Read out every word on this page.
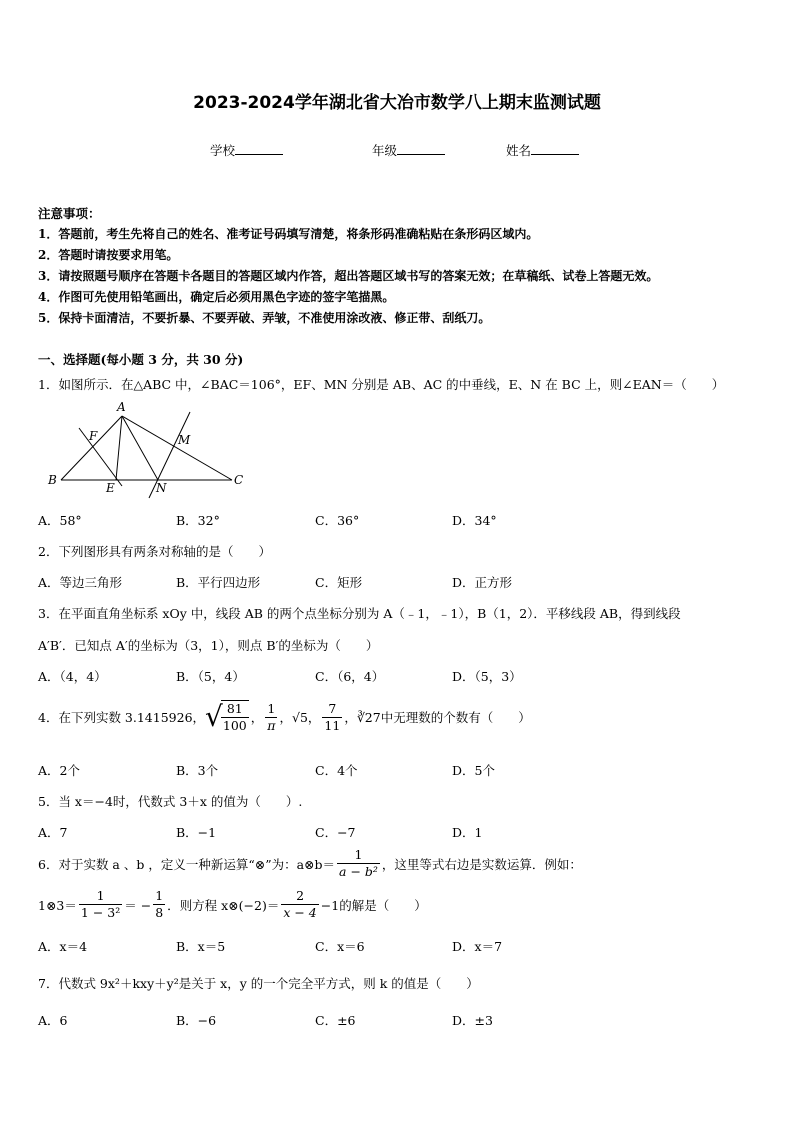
2023-2024学年湖北省大冶市数学八上期末监测试题
学校	年级	姓名
注意事项：
1．答题前，考生先将自己的姓名、准考证号码填写清楚，将条形码准确粘贴在条形码区域内。
2．答题时请按要求用笔。
3．请按照题号顺序在答题卡各题目的答题区域内作答，超出答题区域书写的答案无效；在草稿纸、试卷上答题无效。
4．作图可先使用铅笔画出，确定后必须用黑色字迹的签字笔描黑。
5．保持卡面清洁，不要折暴、不要弄破、弄皱，不准使用涂改液、修正带、刮纸刀。
一、选择题(每小题 3 分，共 30 分)
1．如图所示．在△ABC 中，∠BAC＝106°，EF、MN 分别是 AB、AC 的中垂线，E、N 在 BC 上，则∠EAN＝（　　）
A
B	C
E
F	M
N
A．58°	B．32°	C．36°	D．34°
2．下列图形具有两条对称轴的是（　　）
A．等边三角形	B．平行四边形	C．矩形	D．正方形
3．在平面直角坐标系 xOy 中，线段 AB 的两个点坐标分别为 A（﹣1，﹣1），B（1，2）．平移线段 AB，得到线段
A′B′．已知点 A′的坐标为（3，1），则点 B′的坐标为（　　）
A．（4，4）	B．（5，4）	C．（6，4）	D．（5，3）
4．在下列实数 3.1415926， √
$\frac{81}{100}$ ， $\frac{1}{\pi}$ ， √5 ， $\frac{7}{11}$ ， ∛27 中无理数的个数有（　　）
A．2个	B．3个	C．4个	D．5个
5．当 x＝−4时，代数式 3＋x 的值为（　　）.
A．7	B．−1	C．−7	D．1
6．对于实数 a 、b ，定义一种新运算“⊗”为：a⊗b＝ $\frac{1}{\text{a − b²}}$ ，这里等式右边是实数运算．例如：
1⊗3＝ $\frac{1}{\text{1 − 3²}}$ ＝ − $\frac{1}{8}$ ．则方程 x⊗(−2)＝ $\frac{2}{x - 4} -1$的解是（　　）
A．x＝4	B．x＝5	C．x＝6	D．x＝7
7．代数式 9x²＋kxy＋y²是关于 x，y 的一个完全平方式，则 k 的值是（　　）
A．6	B．−6	C．±6	D．±3
